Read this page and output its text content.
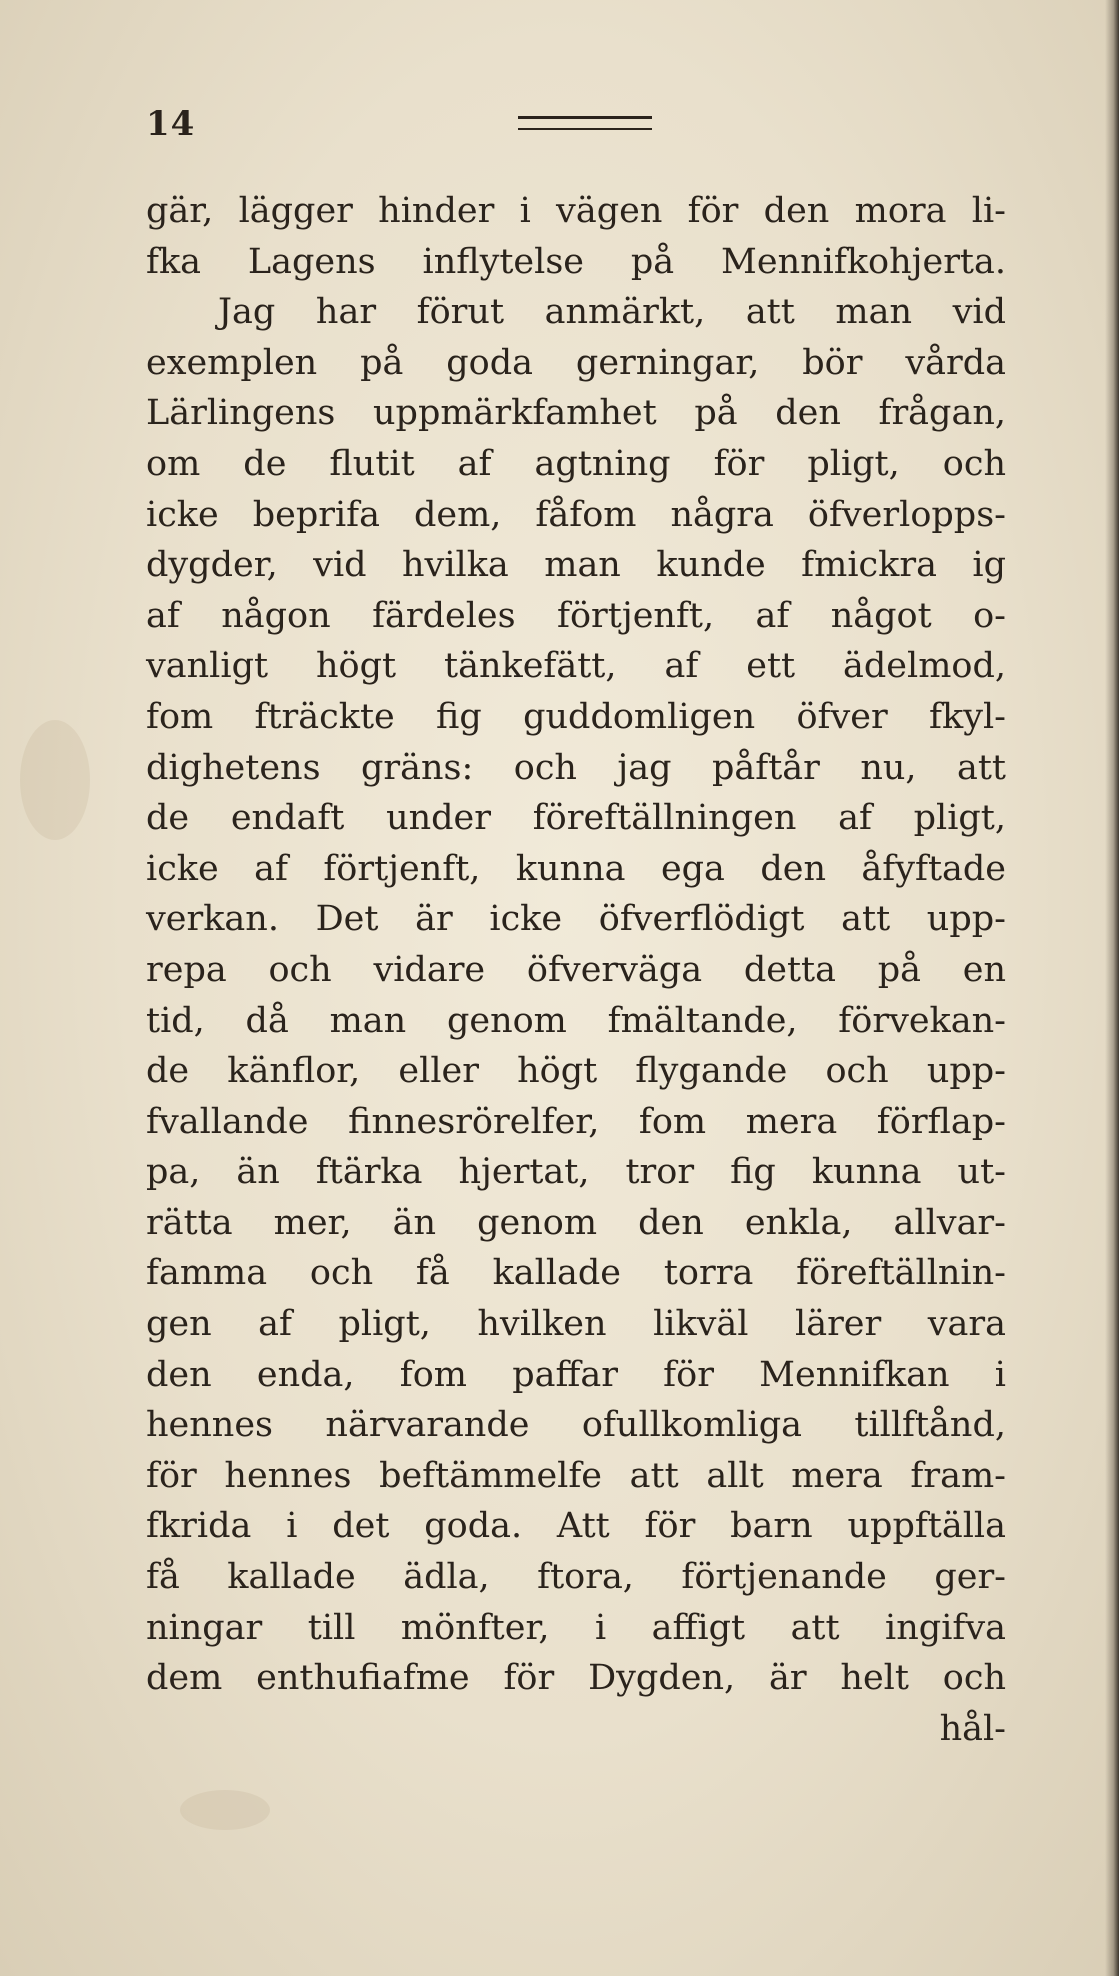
14
gär, lägger hinder i vägen för den mora li-
fka Lagens inflytelse på Mennifkohjerta.
Jag har förut anmärkt, att man vid
exemplen på goda gerningar, bör vårda
Lärlingens uppmärkfamhet på den frågan,
om de flutit af agtning för pligt, och
icke beprifa dem, fåfom några öfverlopps-
dygder, vid hvilka man kunde fmickra ig
af någon färdeles förtjenft, af något o-
vanligt högt tänkefätt, af ett ädelmod,
fom fträckte fig guddomligen öfver fkyl-
dighetens gräns: och jag påftår nu, att
de endaft under föreftällningen af pligt,
icke af förtjenft, kunna ega den åfyftade
verkan. Det är icke öfverflödigt att upp-
repa och vidare öfverväga detta på en
tid, då man genom fmältande, förvekan-
de känflor, eller högt flygande och upp-
fvallande finnesrörelfer, fom mera förflap-
pa, än ftärka hjertat, tror fig kunna ut-
rätta mer, än genom den enkla, allvar-
famma och få kallade torra föreftällnin-
gen af pligt, hvilken likväl lärer vara
den enda, fom paffar för Mennifkan i
hennes närvarande ofullkomliga tillftånd,
för hennes beftämmelfe att allt mera fram-
fkrida i det goda. Att för barn uppftälla
få kallade ädla, ftora, förtjenande ger-
ningar till mönfter, i affigt att ingifva
dem enthufiafme för Dygden, är helt och
hål-
